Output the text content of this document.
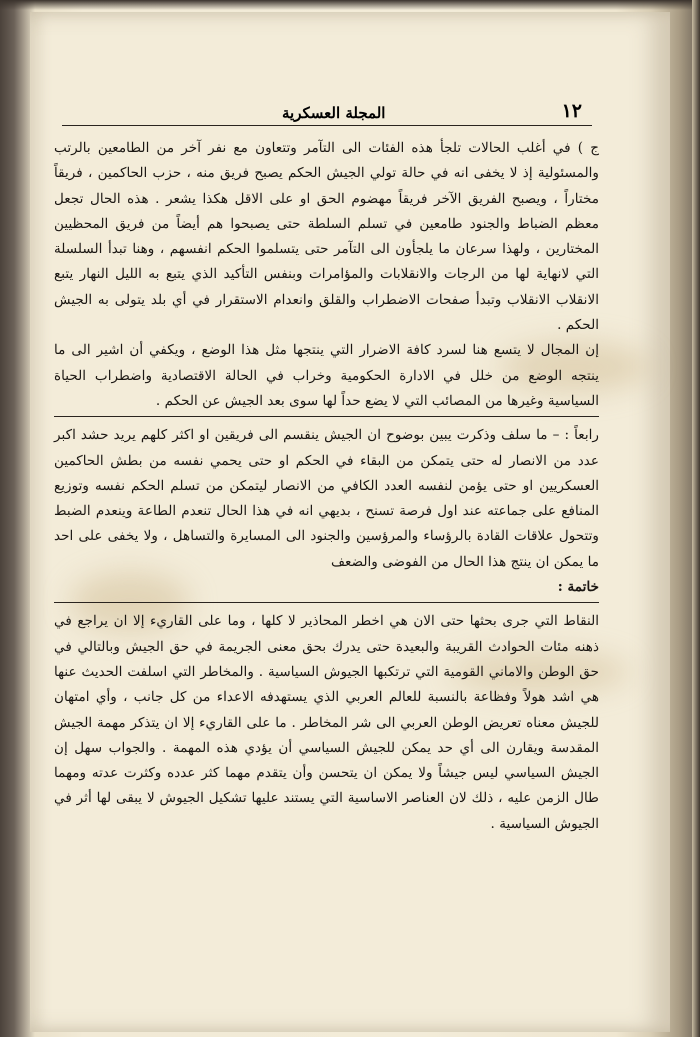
١٢
المجلة العسكرية

ج ) في أغلب الحالات تلجأ هذه الفئات الى التآمر وتتعاون مع نفر آخر من الطامعين بالرتب والمسئولية إذ لا يخفى انه في حالة تولي الجيش الحكم يصبح فريق منه ، حزب الحاكمين ، فريقاً مختاراً ، ويصبح الفريق الآخر فريقاً مهضوم الحق او على الاقل هكذا يشعر . هذه الحال تجعل معظم الضباط والجنود طامعين في تسلم السلطة حتى يصبحوا هم أيضاً من فريق المحظيين المختارين ، ولهذا سرعان ما يلجأون الى التآمر حتى يتسلموا الحكم انفسهم ، وهنا تبدأ السلسلة التي لانهاية لها من الرجات والانقلابات والمؤامرات وبنفس التأكيد الذي يتبع به الليل النهار يتبع الانقلاب الانقلاب وتبدأ صفحات الاضطراب والقلق وانعدام الاستقرار في أي بلد يتولى به الجيش الحكم .

إن المجال لا يتسع هنا لسرد كافة الاضرار التي ينتجها مثل هذا الوضع ، ويكفي أن اشير الى ما ينتجه الوضع من خلل في الادارة الحكومية وخراب في الحالة الاقتصادية واضطراب الحياة السياسية وغيرها من المصائب التي لا يضع حداً لها سوى بعد الجيش عن الحكم .

رابعاً : – ما سلف وذكرت يبين بوضوح ان الجيش ينقسم الى فريقين او اكثر كلهم يريد حشد اكبر عدد من الانصار له حتى يتمكن من البقاء في الحكم او حتى يحمي نفسه من بطش الحاكمين العسكريين او حتى يؤمن لنفسه العدد الكافي من الانصار ليتمكن من تسلم الحكم نفسه وتوزيع المنافع على جماعته عند اول فرصة تسنح ، بديهي انه في هذا الحال تنعدم الطاعة وينعدم الضبط وتتحول علاقات القادة بالرؤساء والمرؤسين والجنود الى المسايرة والتساهل ، ولا يخفى على احد ما يمكن ان ينتج هذا الحال من الفوضى والضعف

خاتمة :

النقاط التي جرى بحثها حتى الان هي اخطر المحاذير لا كلها ، وما على القاريء إلا ان يراجع في ذهنه مئات الحوادث القريبة والبعيدة حتى يدرك بحق معنى الجريمة في حق الجيش وبالتالي في حق الوطن والاماني القومية التي ترتكبها الجيوش السياسية . والمخاطر التي اسلفت الحديث عنها هي اشد هولاً وفظاعة بالنسبة للعالم العربي الذي يستهدفه الاعداء من كل جانب ، وأي امتهان للجيش معناه تعريض الوطن العربي الى شر المخاطر . ما على القاريء إلا ان يتذكر مهمة الجيش المقدسة ويقارن الى أي حد يمكن للجيش السياسي أن يؤدي هذه المهمة . والجواب سهل إن الجيش السياسي ليس جيشاً ولا يمكن ان يتحسن وأن يتقدم مهما كثر عدده وكثرت عدته ومهما طال الزمن عليه ، ذلك لان العناصر الاساسية التي يستند عليها تشكيل الجيوش لا يبقى لها أثر في الجيوش السياسية .
